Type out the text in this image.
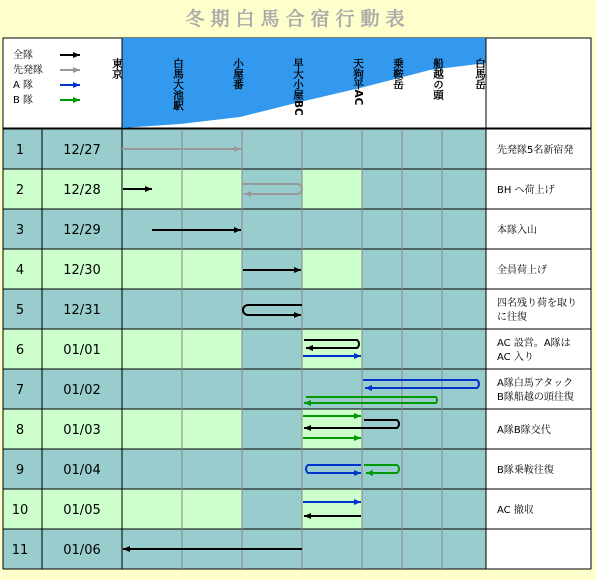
冬期白馬合宿行動表
全隊
先発隊
A 隊
B 隊
東京	白馬大池駅	小屋番	早大小屋BC	天狗平AC	乗鞍岳	船越の頭	白馬岳
1	12/27	先発隊5名新宿発
2	12/28	BH へ荷上げ
3	12/29	本隊入山
4	12/30	全員荷上げ
5	12/31	四名残り荷を取り
に往復
6	01/01	AC 設営。A隊は
AC 入り
7	01/02	A隊白馬アタック
B隊船越の頭往復
8	01/03	A隊B隊交代
9	01/04	B隊乗鞍往復
10	01/05	AC 撤収
11	01/06
